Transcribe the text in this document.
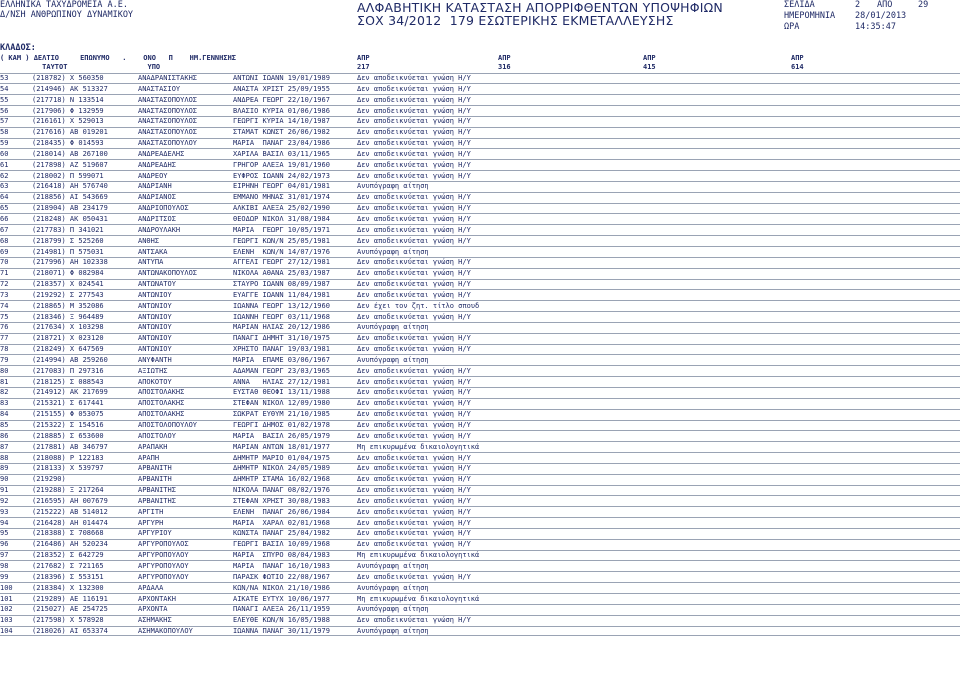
ΕΛΛΗΝΙΚΑ ΤΑΧΥΔΡΟΜΕΙΑ Α.Ε.
Δ/ΝΣΗ ΑΝΘΡΩΠΙΝΟΥ ΔΥΝΑΜΙΚΟΥ	ΑΛΦΑΒΗΤΙΚΗ ΚΑΤΑΣΤΑΣΗ ΑΠΟΡΡΙΦΘΕΝΤΩΝ ΥΠΟΨΗΦΙΩΝ
ΣΟΧ 34/2012  179 ΕΣΩΤΕΡΙΚΗΣ ΕΚΜΕΤΑΛΛΕΥΣΗΣ
ΣΕΛΙΔΑ	2 ΑΠΟ	29
ΗΜΕΡΟΜΗΝΙΑ 28/01/2013
ΩΡΑ	14:35:47
ΚΛΑΔΟΣ:
( ΚΑΜ ) ΔΕΛΤΙΟ     ΕΠΩΝΥΜΟ   .    ΟΝΟ   Π    ΗΜ.ΓΕΝΝΗΣΗΣ
ΤΑΥΤΟΤ                   ΥΠΟ
ΑΠΡ
217
ΑΠΡ
316
ΑΠΡ
415
ΑΠΡ
614
53	(218782) Χ 560350	ΑΝΑΔΡΑΝΙΣΤΑΚΗΣ	ΑΝΤΩΝΙ ΙΩΑΝΝ 19/01/1989	Δεν αποδεικνύεται γνώση Η/Υ
54	(214946) ΑΚ 513327	ΑΝΑΣΤΑΣΙΟΥ	ΑΝΑΣΤΑ ΧΡΙΣΤ 25/09/1955	Δεν αποδεικνύεται γνώση Η/Υ
55	(217718) Ν 133514	ΑΝΑΣΤΑΣΟΠΟΥΛΟΣ	ΑΝΔΡΕΑ ΓΕΩΡΓ 22/10/1967	Δεν αποδεικνύεται γνώση Η/Υ
56	(217906) Φ 132959	ΑΝΑΣΤΑΣΟΠΟΥΛΟΣ	ΒΛΑΣΙΟ ΚΥΡΙΑ 01/06/1986	Δεν αποδεικνύεται γνώση Η/Υ
57	(216161) Χ 529013	ΑΝΑΣΤΑΣΟΠΟΥΛΟΣ	ΓΕΩΡΓΙ ΚΥΡΙΑ 14/10/1987	Δεν αποδεικνύεται γνώση Η/Υ
58	(217616) ΑΒ 019201	ΑΝΑΣΤΑΣΟΠΟΥΛΟΣ	ΣΤΑΜΑΤ ΚΩΝΣΤ 26/06/1982	Δεν αποδεικνύεται γνώση Η/Υ
59	(218435) Φ 014593	ΑΝΑΣΤΑΣΟΠΟΥΛΟΥ	ΜΑΡΙΑ  ΠΑΝΑΓ 23/04/1986	Δεν αποδεικνύεται γνώση Η/Υ
60	(218014) ΑΒ 267100	ΑΝΔΡΕΑΔΕΛΗΣ	ΧΑΡΙΛΑ ΒΑΣΙΛ 03/11/1965	Δεν αποδεικνύεται γνώση Η/Υ
61	(217898) ΑΖ 519607	ΑΝΔΡΕΑΔΗΣ	ΓΡΗΓΟΡ ΑΛΕΞΑ 19/01/1960	Δεν αποδεικνύεται γνώση Η/Υ
62	(218002) Π 599071	ΑΝΔΡΕΟΥ	ΕΥΦΡΟΣ ΙΩΑΝΝ 24/02/1973	Δεν αποδεικνύεται γνώση Η/Υ
63	(216418) ΑΗ 576740	ΑΝΔΡΙΑΝΗ	ΕΙΡΗΝΗ ΓΕΩΡΓ 04/01/1981	Ανυπόγραφη αίτηση
64	(218856) ΑΙ 543669	ΑΝΔΡΙΑΝΟΣ	ΕΜΜΑΝΟ ΜΗΝΑΣ 31/01/1974	Δεν αποδεικνύεται γνώση Η/Υ
65	(218904) ΑΒ 234179	ΑΝΔΡΙΟΠΟΥΛΟΣ	ΑΛΚΙΒΙ ΑΛΕΞΑ 25/02/1990	Δεν αποδεικνύεται γνώση Η/Υ
66	(218248) ΑΚ 050431	ΑΝΔΡΙΤΣΟΣ	ΘΕΟΔΩΡ ΝΙΚΟΛ 31/08/1984	Δεν αποδεικνύεται γνώση Η/Υ
67	(217783) Π 341021	ΑΝΔΡΟΥΛΑΚΗ	ΜΑΡΙΑ  ΓΕΩΡΓ 10/05/1971	Δεν αποδεικνύεται γνώση Η/Υ
68	(218799) Σ 525260	ΑΝΘΗΣ	ΓΕΩΡΓΙ ΚΩΝ/Ν 25/05/1981	Δεν αποδεικνύεται γνώση Η/Υ
69	(214981) Π 575031	ΑΝΤΣΑΚΑ	ΕΛΕΝΗ  ΚΩΝ/Ν 14/07/1976	Ανυπόγραφη αίτηση
70	(217996) ΑΗ 102338	ΑΝΤΥΠΑ	ΑΓΓΕΛΙ ΓΕΩΡΓ 27/12/1981	Δεν αποδεικνύεται γνώση Η/Υ
71	(218071) Φ 082984	ΑΝΤΩΝΑΚΟΠΟΥΛΟΣ	ΝΙΚΟΛΑ ΑΘΑΝΑ 25/03/1987	Δεν αποδεικνύεται γνώση Η/Υ
72	(218357) Χ 024541	ΑΝΤΩΝΑΤΟΥ	ΣΤΑΥΡΟ ΙΩΑΝΝ 08/09/1987	Δεν αποδεικνύεται γνώση Η/Υ
73	(219292) Σ 277543	ΑΝΤΩΝΙΟΥ	ΕΥΑΓΓΕ ΙΩΑΝΝ 11/04/1981	Δεν αποδεικνύεται γνώση Η/Υ
74	(218865) Μ 352086	ΑΝΤΩΝΙΟΥ	ΙΩΑΝΝΑ ΓΕΩΡΓ 13/12/1960	Δεν έχει τον ζητ. τίτλο σπουδ
75	(218346) Ξ 964489	ΑΝΤΩΝΙΟΥ	ΙΩΑΝΝΗ ΓΕΩΡΓ 03/11/1968	Δεν αποδεικνύεται γνώση Η/Υ
76	(217634) Χ 103298	ΑΝΤΩΝΙΟΥ	ΜΑΡΙΑΝ ΗΛΙΑΣ 20/12/1986	Ανυπόγραφη αίτηση
77	(218721) Χ 023120	ΑΝΤΩΝΙΟΥ	ΠΑΝΑΓΙ ΔΗΜΗΤ 31/10/1975	Δεν αποδεικνύεται γνώση Η/Υ
78	(218249) Χ 647569	ΑΝΤΩΝΙΟΥ	ΧΡΗΣΤΟ ΠΑΝΑΓ 19/03/1981	Δεν αποδεικνύεται γνώση Η/Υ
79	(214994) ΑΒ 259260	ΑΝΥΦΑΝΤΗ	ΜΑΡΙΑ  ΕΠΑΜΕ 03/06/1967	Ανυπόγραφη αίτηση
80	(217083) Π 297316	ΑΞΙΩΤΗΣ	ΑΔΑΜΑΝ ΓΕΩΡΓ 23/03/1965	Δεν αποδεικνύεται γνώση Η/Υ
81	(218125) Σ 088543	ΑΠΟΚΟΤΟΥ	ΑΝΝΑ   ΗΛΙΑΣ 27/12/1981	Δεν αποδεικνύεται γνώση Η/Υ
82	(214912) ΑΚ 217699	ΑΠΟΣΤΟΛΑΚΗΣ	ΕΥΣΤΑΘ ΘΕΟΦΙ 13/11/1988	Δεν αποδεικνύεται γνώση Η/Υ
83	(215321) Σ 617441	ΑΠΟΣΤΟΛΑΚΗΣ	ΣΤΕΦΑΝ ΝΙΚΟΛ 12/09/1980	Δεν αποδεικνύεται γνώση Η/Υ
84	(215155) Φ 053075	ΑΠΟΣΤΟΛΑΚΗΣ	ΣΩΚΡΑΤ ΕΥΘΥΜ 21/10/1985	Δεν αποδεικνύεται γνώση Η/Υ
85	(215322) Σ 154516	ΑΠΟΣΤΟΛΟΠΟΥΛΟΥ	ΓΕΩΡΓΙ ΔΗΜΟΣ 01/02/1978	Δεν αποδεικνύεται γνώση Η/Υ
86	(218885) Σ 653600	ΑΠΟΣΤΟΛΟΥ	ΜΑΡΙΑ  ΒΑΣΙΛ 26/05/1979	Δεν αποδεικνύεται γνώση Η/Υ
87	(217881) ΑΒ 346797	ΑΡΑΠΑΚΗ	ΜΑΡΙΑΝ ΑΝΤΩΝ 18/01/1977	Μη επικυρωμένα δικαιολογητικά
88	(218088) Ρ 122183	ΑΡΑΠΗ	ΔΗΜΗΤΡ ΜΑΡΙΟ 01/04/1975	Δεν αποδεικνύεται γνώση Η/Υ
89	(218133) Χ 539797	ΑΡΒΑΝΙΤΗ	ΔΗΜΗΤΡ ΝΙΚΟΛ 24/05/1989	Δεν αποδεικνύεται γνώση Η/Υ
90	(219290)	ΑΡΒΑΝΙΤΗ	ΔΗΜΗΤΡ ΣΤΑΜΑ 16/02/1968	Δεν αποδεικνύεται γνώση Η/Υ
91	(219288) Ξ 217264	ΑΡΒΑΝΙΤΗΣ	ΝΙΚΟΛΑ ΠΑΝΑΓ 08/02/1976	Δεν αποδεικνύεται γνώση Η/Υ
92	(216595) ΑΗ 007679	ΑΡΒΑΝΙΤΗΣ	ΣΤΕΦΑΝ ΧΡΗΣΤ 30/08/1983	Δεν αποδεικνύεται γνώση Η/Υ
93	(215222) ΑΒ 514012	ΑΡΓΙΤΗ	ΕΛΕΝΗ  ΠΑΝΑΓ 26/06/1984	Δεν αποδεικνύεται γνώση Η/Υ
94	(216428) ΑΗ 014474	ΑΡΓΥΡΗ	ΜΑΡΙΑ  ΧΑΡΑΛ 02/01/1968	Δεν αποδεικνύεται γνώση Η/Υ
95	(218388) Σ 708668	ΑΡΓΥΡΙΟΥ	ΚΩΝΣΤΑ ΠΑΝΑΓ 25/04/1982	Δεν αποδεικνύεται γνώση Η/Υ
96	(216486) ΑΗ 520234	ΑΡΓΥΡΟΠΟΥΛΟΣ	ΓΕΩΡΓΙ ΒΑΣΙΛ 10/09/1968	Δεν αποδεικνύεται γνώση Η/Υ
97	(218352) Σ 642729	ΑΡΓΥΡΟΠΟΥΛΟΥ	ΜΑΡΙΑ  ΣΠΥΡΟ 08/04/1983	Μη επικυρωμένα δικαιολογητικά
98	(217682) Σ 721165	ΑΡΓΥΡΟΠΟΥΛΟΥ	ΜΑΡΙΑ  ΠΑΝΑΓ 16/10/1983	Ανυπόγραφη αίτηση
99	(218396) Σ 553151	ΑΡΓΥΡΟΠΟΥΛΟΥ	ΠΑΡΑΣΚ ΦΩΤΙΟ 22/08/1967	Δεν αποδεικνύεται γνώση Η/Υ
100	(218384) Χ 132300	ΑΡΔΑΛΑ	ΚΩΝ/ΝΑ ΝΙΚΟΛ 21/10/1986	Ανυπόγραφη αίτηση
101	(219289) ΑΕ 116191	ΑΡΧΟΝΤΑΚΗ	ΑΙΚΑΤΕ ΕΥΤΥΧ 10/06/1977	Μη επικυρωμένα δικαιολογητικά
102	(215027) ΑΕ 254725	ΑΡΧΟΝΤΑ	ΠΑΝΑΓΙ ΑΛΕΞΑ 26/11/1959	Ανυπόγραφη αίτηση
103	(217598) Χ 578928	ΑΣΗΜΑΚΗΣ	ΕΛΕΥΘΕ ΚΩΝ/Ν 16/05/1988	Δεν αποδεικνύεται γνώση Η/Υ
104	(218026) ΑΙ 653374	ΑΣΗΜΑΚΟΠΟΥΛΟΥ	ΙΩΑΝΝΑ ΠΑΝΑΓ 30/11/1979	Ανυπόγραφη αίτηση
